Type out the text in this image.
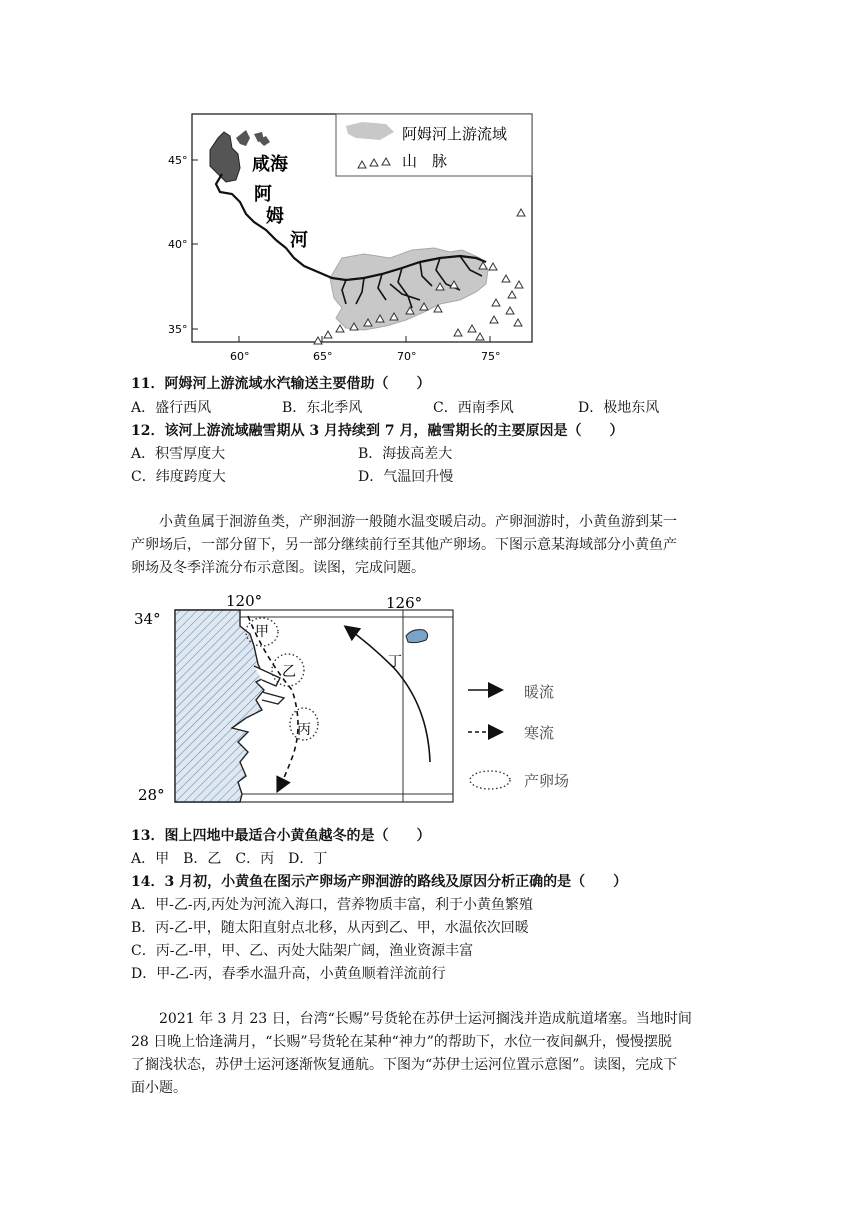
45°
40°
35°
60°	65°	70°	75°
咸海
阿
姆
河
阿姆河上游流域
山　脉
11．阿姆河上游流域水汽输送主要借助（　　）
A．盛行西风	B．东北季风	C．西南季风	D．极地东风
12．该河上游流域融雪期从 3 月持续到 7 月，融雪期长的主要原因是（　　）
A．积雪厚度大	B．海拔高差大
C．纬度跨度大	D．气温回升慢
小黄鱼属于洄游鱼类，产卵洄游一般随水温变暖启动。产卵洄游时，小黄鱼游到某一
产卵场后，一部分留下，另一部分继续前行至其他产卵场。下图示意某海域部分小黄鱼产
卵场及冬季洋流分布示意图。读图，完成问题。
甲
乙
丙
丁
34°
28°
120°	126°
暖流
寒流
产卵场
13．图上四地中最适合小黄鱼越冬的是（　　）
A．甲　B．乙　C．丙　D．丁
14．3 月初，小黄鱼在图示产卵场产卵洄游的路线及原因分析正确的是（　　）
A．甲-乙-丙,丙处为河流入海口，营养物质丰富，利于小黄鱼繁殖
B．丙-乙-甲，随太阳直射点北移，从丙到乙、甲，水温依次回暖
C．丙-乙-甲，甲、乙、丙处大陆架广阔，渔业资源丰富
D．甲-乙-丙，春季水温升高，小黄鱼顺着洋流前行
2021 年 3 月 23 日，台湾“长赐”号货轮在苏伊士运河搁浅并造成航道堵塞。当地时间
28 日晚上恰逢满月，“长赐”号货轮在某种“神力”的帮助下，水位一夜间飙升，慢慢摆脱
了搁浅状态，苏伊士运河逐渐恢复通航。下图为“苏伊士运河位置示意图”。读图，完成下
面小题。
